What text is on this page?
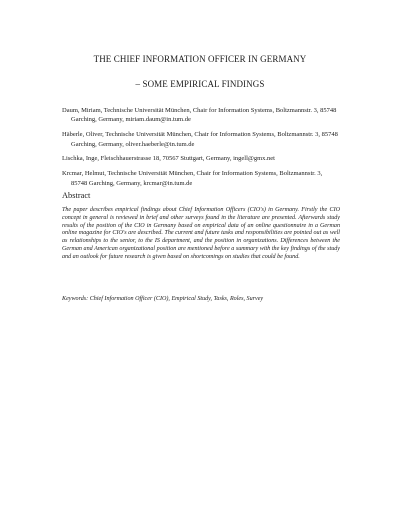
THE CHIEF INFORMATION OFFICER IN GERMANY
– SOME EMPIRICAL FINDINGS

Daum, Miriam, Technische Universität München, Chair for Information Systems, Boltzmannstr. 3, 85748 Garching, Germany, miriam.daum@in.tum.de

Häberle, Oliver, Technische Universität München, Chair for Information Systems, Boltzmannstr. 3, 85748 Garching, Germany, oliver.haeberle@in.tum.de

Lischka, Inge, Fleischhauerstrasse 18, 70567 Stuttgart, Germany, ingell@gmx.net

Krcmar, Helmut, Technische Universität München, Chair for Information Systems, Boltzmannstr. 3, 85748 Garching, Germany, krcmar@in.tum.de

Abstract

The paper describes empirical findings about Chief Information Officers (CIO's) in Germany. Firstly the CIO concept in general is reviewed in brief and other surveys found in the literature are presented. Afterwards study results of the position of the CIO in Germany based on empirical data of an online questionnaire in a German online magazine for CIO's are described. The current and future tasks and responsibilities are pointed out as well as relationships to the senior, to the IS department, and the position in organizations. Differences between the German and American organizational position are mentioned before a summary with the key findings of the study and an outlook for future research is given based on shortcomings on studies that could be found.

Keywords: Chief Information Officer (CIO), Empirical Study, Tasks, Roles, Survey
